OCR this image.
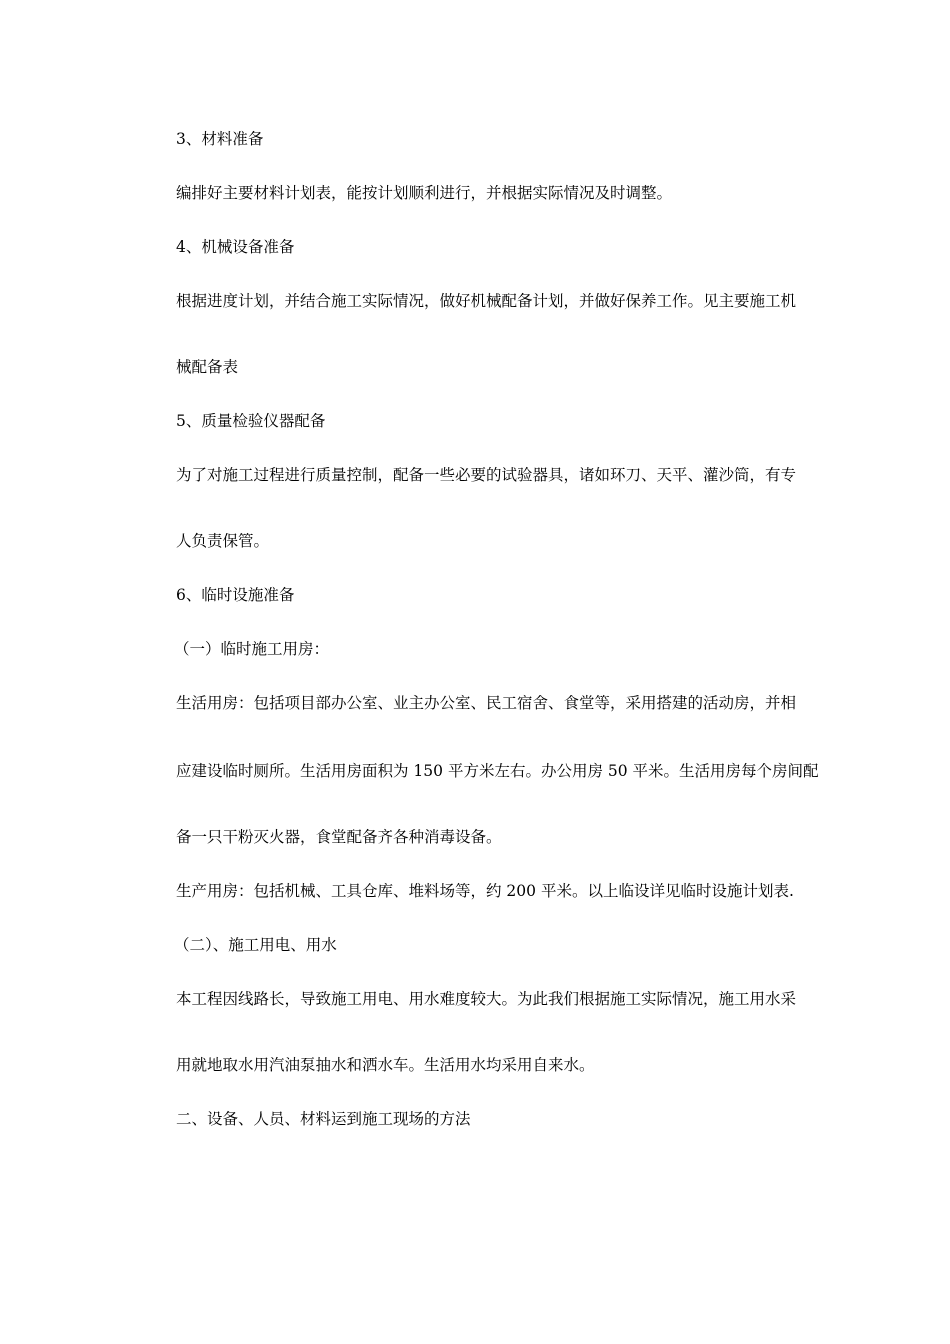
3、材料准备
编排好主要材料计划表，能按计划顺利进行，并根据实际情况及时调整。
4、机械设备准备
根据进度计划，并结合施工实际情况，做好机械配备计划，并做好保养工作。见主要施工机
械配备表
5、质量检验仪器配备
为了对施工过程进行质量控制，配备一些必要的试验器具，诸如环刀、天平、灌沙筒，有专
人负责保管。
6、临时设施准备
（一）临时施工用房：
生活用房：包括项目部办公室、业主办公室、民工宿舍、食堂等，采用搭建的活动房，并相
应建设临时厕所。生活用房面积为 150 平方米左右。办公用房 50 平米。生活用房每个房间配
备一只干粉灭火器，食堂配备齐各种消毒设备。
生产用房：包括机械、工具仓库、堆料场等，约 200 平米。以上临设详见临时设施计划表.
（二）、施工用电、用水
本工程因线路长，导致施工用电、用水难度较大。为此我们根据施工实际情况，施工用水采
用就地取水用汽油泵抽水和洒水车。生活用水均采用自来水。
二、设备、人员、材料运到施工现场的方法
